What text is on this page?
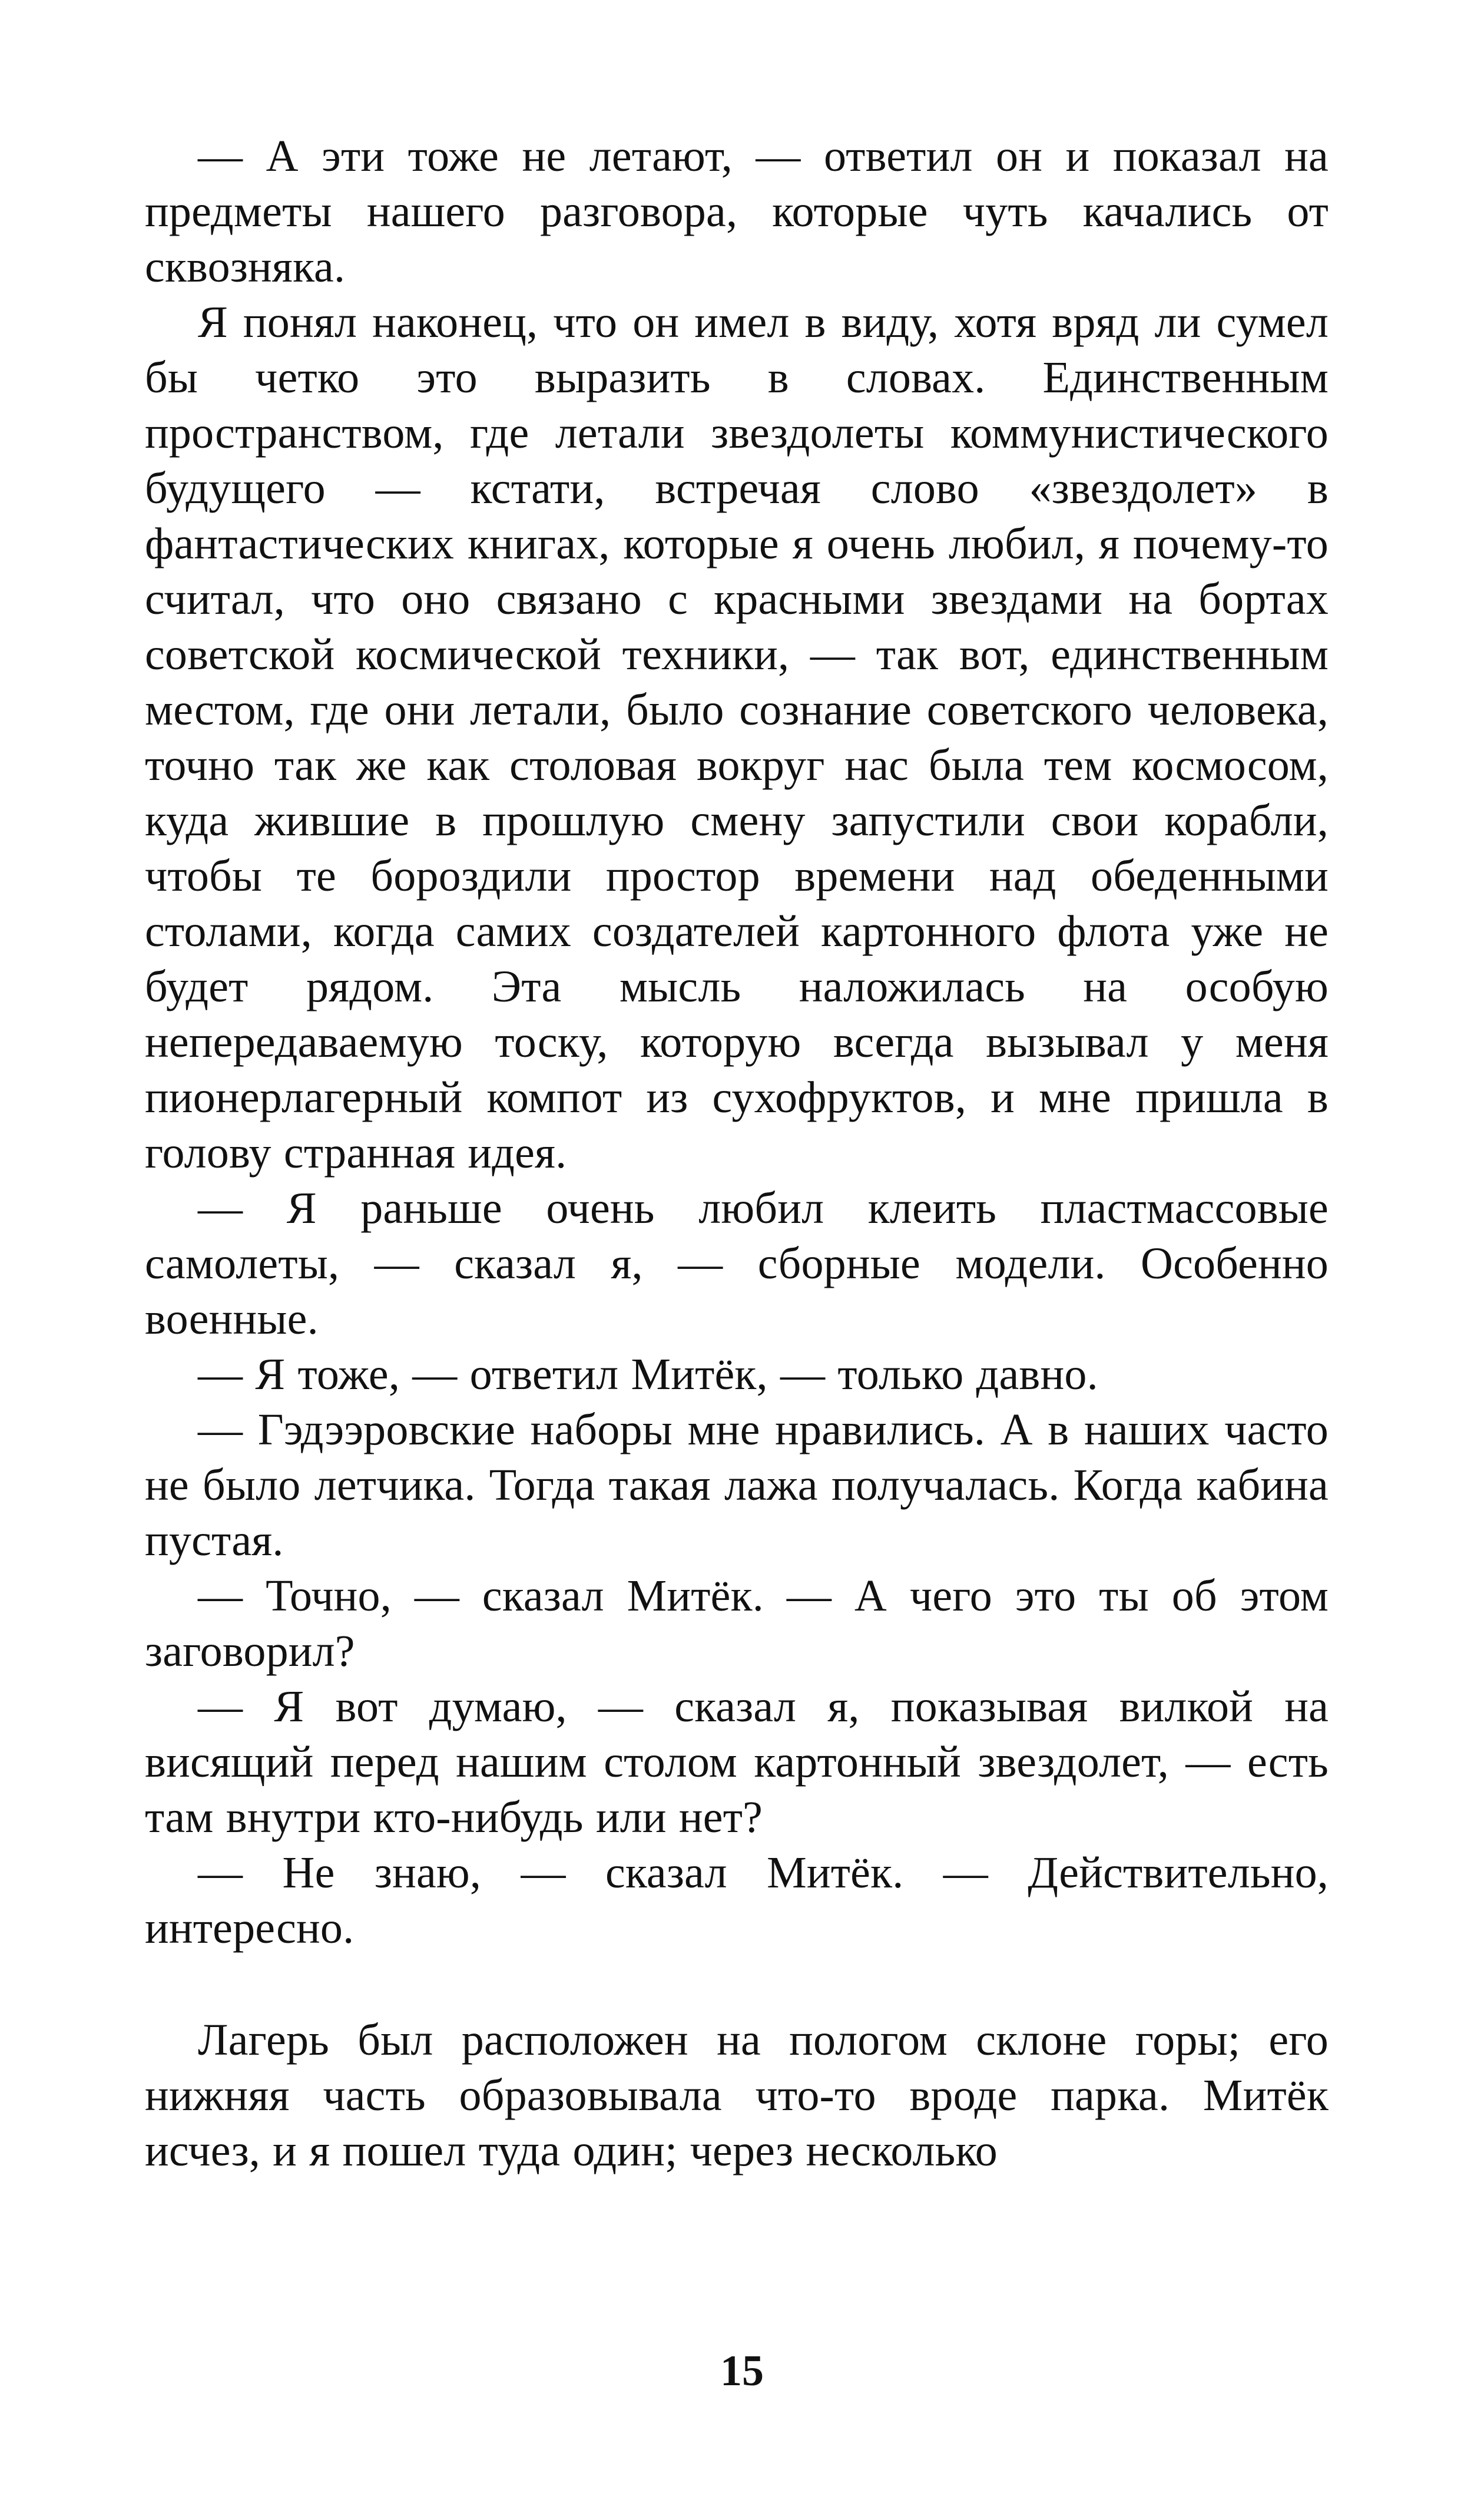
— А эти тоже не летают, — ответил он и показал на предметы нашего разговора, которые чуть качались от сквозняка.

Я понял наконец, что он имел в виду, хотя вряд ли сумел бы четко это выразить в словах. Единственным пространством, где летали звездолеты коммунистического будущего — кстати, встречая слово «звездолет» в фантастических книгах, которые я очень любил, я почему-то считал, что оно связано с красными звездами на бортах советской космической техники, — так вот, единственным местом, где они летали, было сознание советского человека, точно так же как столовая вокруг нас была тем космосом, куда жившие в прошлую смену запустили свои корабли, чтобы те бороздили простор времени над обеденными столами, когда самих создателей картонного флота уже не будет рядом. Эта мысль наложилась на особую непередаваемую тоску, которую всегда вызывал у меня пионерлагерный компот из сухофруктов, и мне пришла в голову странная идея.

— Я раньше очень любил клеить пластмассовые самолеты, — сказал я, — сборные модели. Особенно военные.

— Я тоже, — ответил Митёк, — только давно.

— Гэдээровские наборы мне нравились. А в наших часто не было летчика. Тогда такая лажа получалась. Когда кабина пустая.

— Точно, — сказал Митёк. — А чего это ты об этом заговорил?

— Я вот думаю, — сказал я, показывая вилкой на висящий перед нашим столом картонный звездолет, — есть там внутри кто-нибудь или нет?

— Не знаю, — сказал Митёк. — Действительно, интересно.

Лагерь был расположен на пологом склоне горы; его нижняя часть образовывала что-то вроде парка. Митёк исчез, и я пошел туда один; через несколько

15
